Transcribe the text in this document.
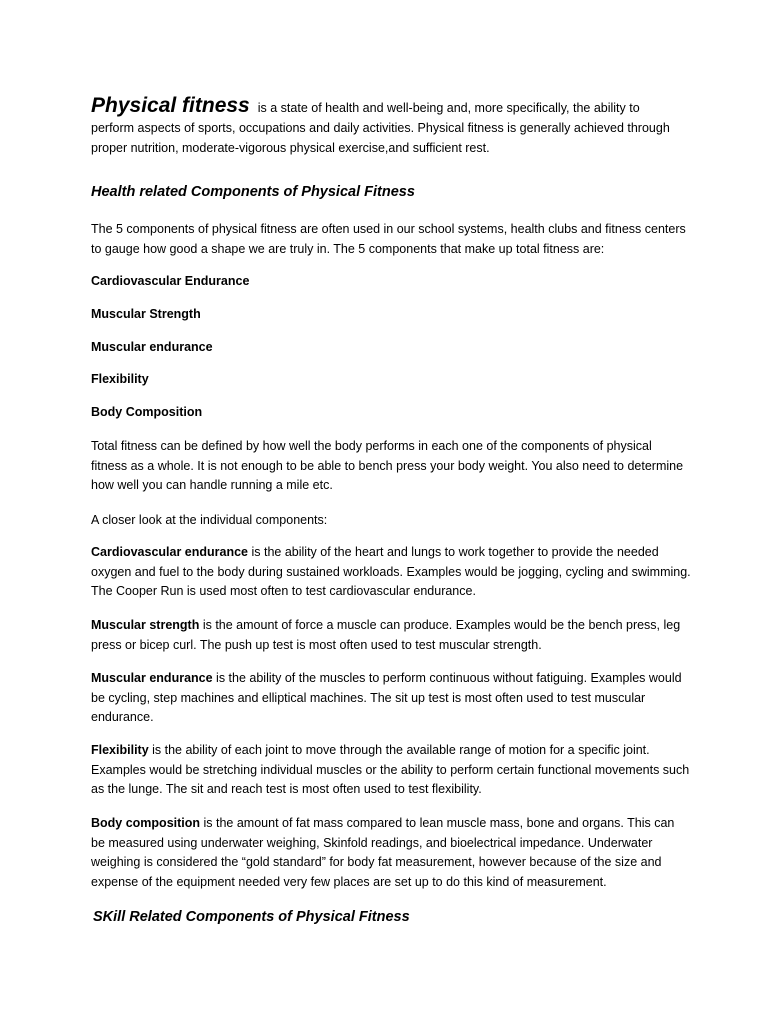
Physical fitness is a state of health and well-being and, more specifically, the ability to
perform aspects of sports, occupations and daily activities. Physical fitness is generally achieved through proper nutrition, moderate-vigorous physical exercise,and sufficient rest.
Health related Components of Physical Fitness
The 5 components of physical fitness are often used in our school systems, health clubs and fitness centers to gauge how good a shape we are truly in. The 5 components that make up total fitness are:
Cardiovascular Endurance
Muscular Strength
Muscular endurance
Flexibility
Body Composition
Total fitness can be defined by how well the body performs in each one of the components of physical fitness as a whole. It is not enough to be able to bench press your body weight. You also need to determine how well you can handle running a mile etc.
A closer look at the individual components:
Cardiovascular endurance is the ability of the heart and lungs to work together to provide the needed oxygen and fuel to the body during sustained workloads. Examples would be jogging, cycling and swimming. The Cooper Run is used most often to test cardiovascular endurance.
Muscular strength is the amount of force a muscle can produce. Examples would be the bench press, leg press or bicep curl. The push up test is most often used to test muscular strength.
Muscular endurance is the ability of the muscles to perform continuous without fatiguing. Examples would be cycling, step machines and elliptical machines. The sit up test is most often used to test muscular endurance.
Flexibility is the ability of each joint to move through the available range of motion for a specific joint. Examples would be stretching individual muscles or the ability to perform certain functional movements such as the lunge. The sit and reach test is most often used to test flexibility.
Body composition is the amount of fat mass compared to lean muscle mass, bone and organs. This can be measured using underwater weighing, Skinfold readings, and bioelectrical impedance. Underwater weighing is considered the “gold standard” for body fat measurement, however because of the size and expense of the equipment needed very few places are set up to do this kind of measurement.
SKill Related Components of Physical Fitness
